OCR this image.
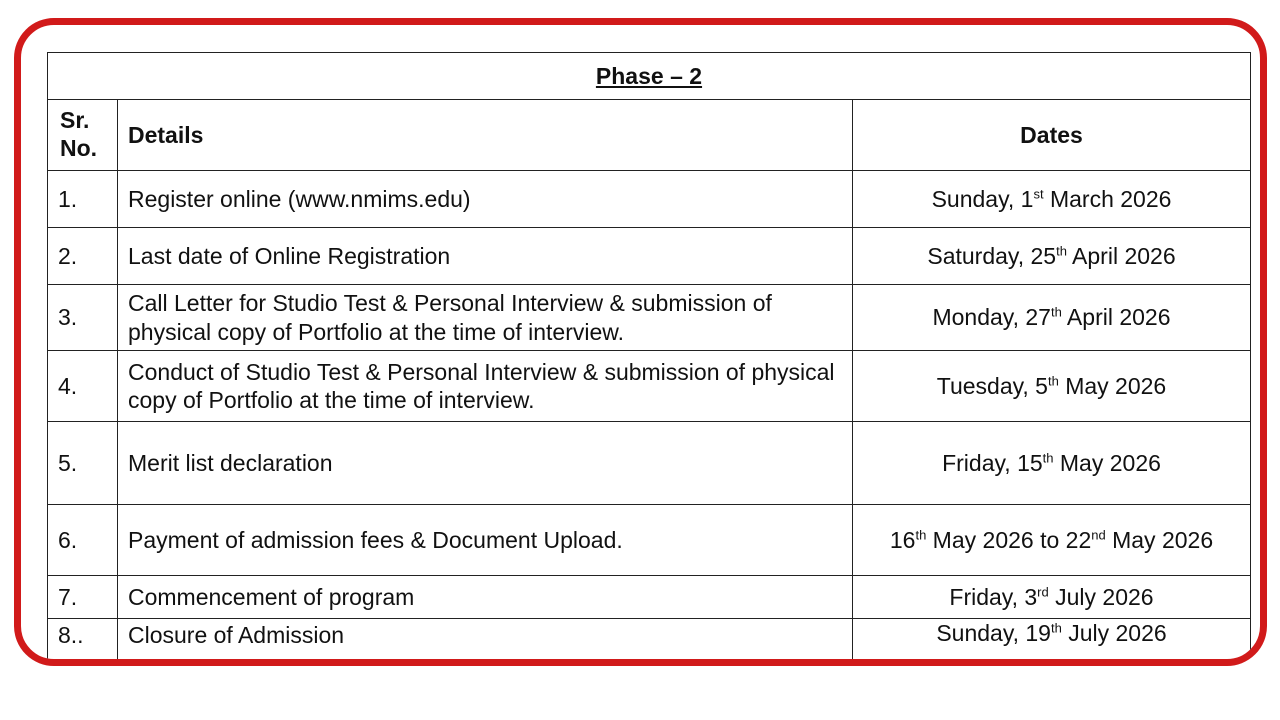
Phase – 2		
Sr.
No.	Details	Dates
1.	Register online (www.nmims.edu)	Sunday, 1st March 2026
2.	Last date of Online Registration	Saturday, 25th April 2026
3.	Call Letter for Studio Test & Personal Interview & submission of physical copy of Portfolio at the time of interview.	Monday, 27th April 2026
4.	Conduct of Studio Test & Personal Interview & submission of physical copy of Portfolio at the time of interview.	Tuesday, 5th May 2026
5.	Merit list declaration	Friday, 15th May 2026
6.	Payment of admission fees & Document Upload.	16th May 2026 to 22nd May 2026
7.	Commencement of program	Friday, 3rd July 2026
8..	Closure of Admission	Sunday, 19th July 2026
